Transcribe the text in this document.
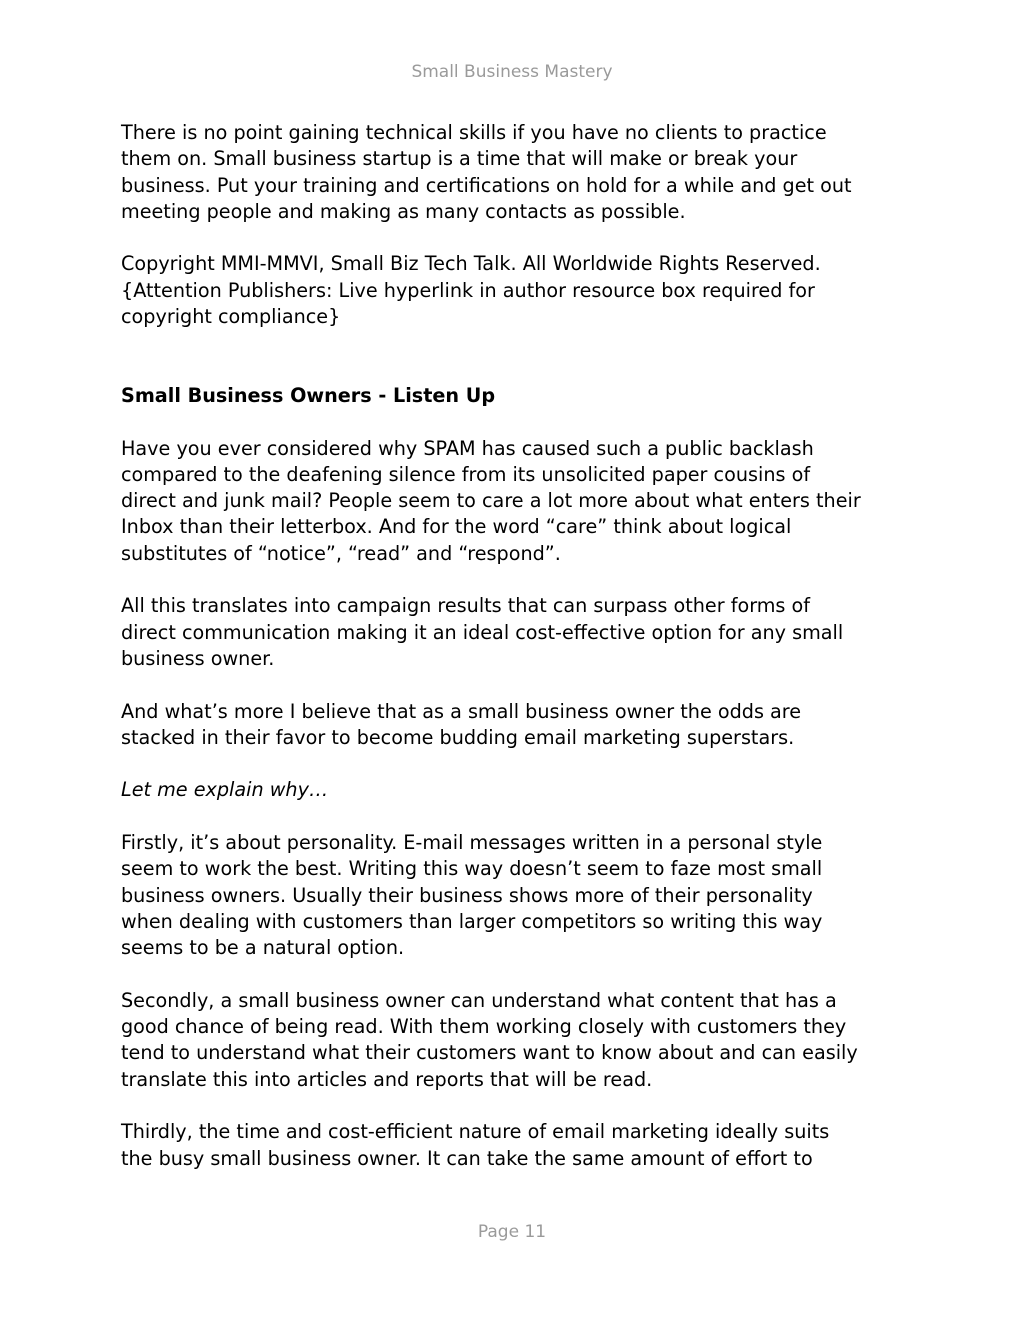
Small Business Mastery

There is no point gaining technical skills if you have no clients to practice

them on. Small business startup is a time that will make or break your

business. Put your training and certifications on hold for a while and get out

meeting people and making as many contacts as possible.

Copyright MMI-MMVI, Small Biz Tech Talk. All Worldwide Rights Reserved.

{Attention Publishers: Live hyperlink in author resource box required for

copyright compliance}

Small Business Owners - Listen Up

Have you ever considered why SPAM has caused such a public backlash

compared to the deafening silence from its unsolicited paper cousins of

direct and junk mail? People seem to care a lot more about what enters their

Inbox than their letterbox. And for the word “care” think about logical

substitutes of “notice”, “read” and “respond”.

All this translates into campaign results that can surpass other forms of

direct communication making it an ideal cost-effective option for any small

business owner.

And what’s more I believe that as a small business owner the odds are

stacked in their favor to become budding email marketing superstars.

Let me explain why…

Firstly, it’s about personality. E-mail messages written in a personal style

seem to work the best. Writing this way doesn’t seem to faze most small

business owners. Usually their business shows more of their personality

when dealing with customers than larger competitors so writing this way

seems to be a natural option.

Secondly, a small business owner can understand what content that has a

good chance of being read. With them working closely with customers they

tend to understand what their customers want to know about and can easily

translate this into articles and reports that will be read.

Thirdly, the time and cost-efficient nature of email marketing ideally suits

the busy small business owner. It can take the same amount of effort to

Page 11
